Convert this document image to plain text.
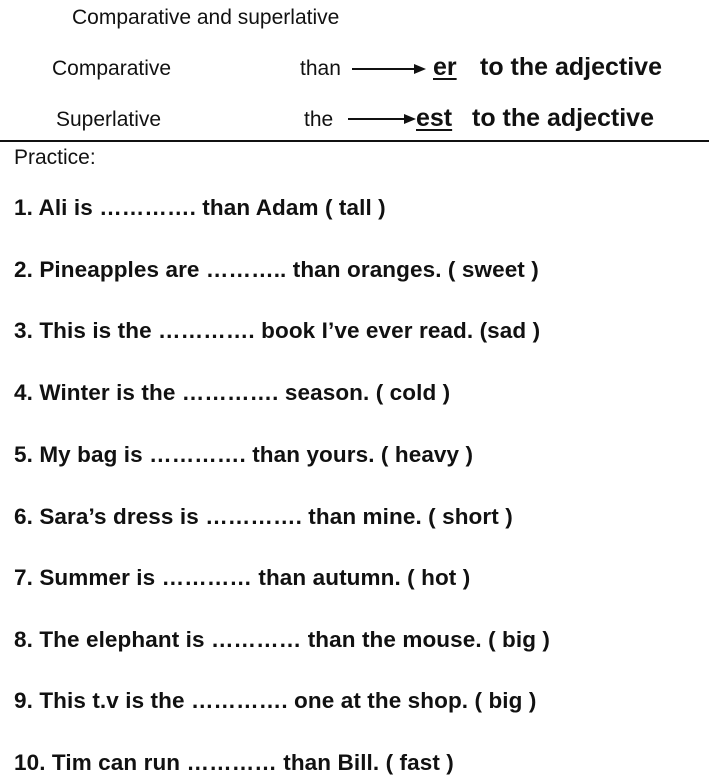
Comparative and superlative
Comparative	than	er to the adjective
Superlative	the	est to the adjective
Practice:
1. Ali is …………. than Adam ( tall )
2. Pineapples are ……….. than oranges. ( sweet )
3. This is the …………. book I’ve ever read. (sad )
4. Winter is the …………. season. ( cold )
5. My bag is …………. than yours. ( heavy )
6. Sara’s dress is …………. than mine. ( short )
7. Summer is ………… than autumn. ( hot )
8. The elephant is ………… than the mouse. ( big )
9. This t.v is the …………. one at the shop. ( big )
10. Tim can run ………… than Bill. ( fast )
